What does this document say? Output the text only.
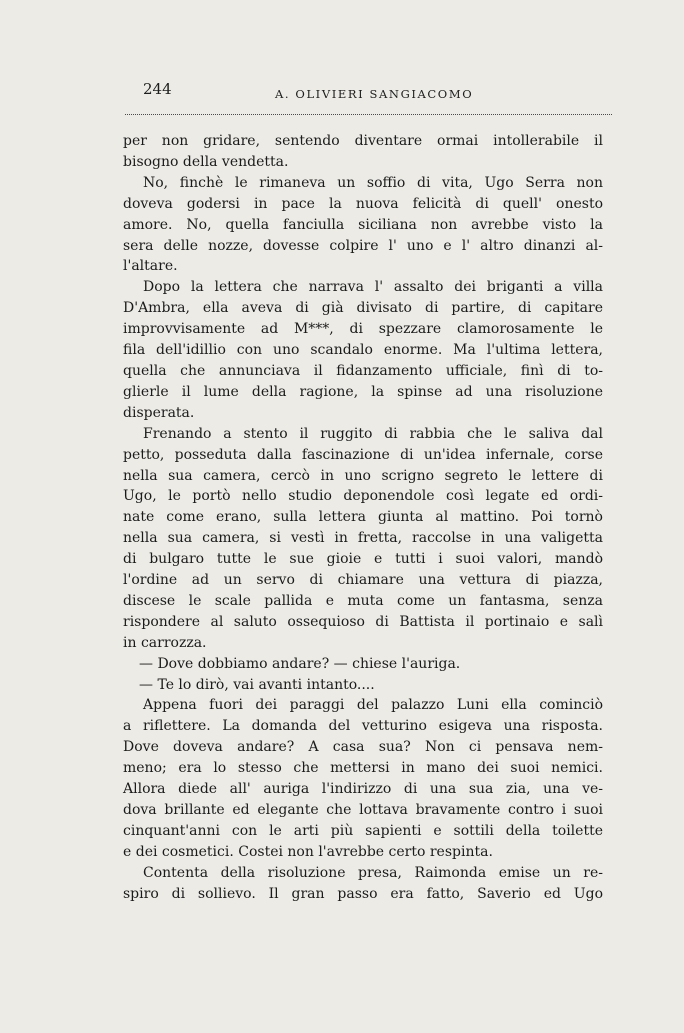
244	A. OLIVIERI SANGIACOMO
per non gridare, sentendo diventare ormai intollerabile il
bisogno della vendetta.
No, finchè le rimaneva un soffio di vita, Ugo Serra non
doveva godersi in pace la nuova felicità di quell' onesto
amore. No, quella fanciulla siciliana non avrebbe visto la
sera delle nozze, dovesse colpire l' uno e l' altro dinanzi al-
l'altare.
Dopo la lettera che narrava l' assalto dei briganti a villa
D'Ambra, ella aveva di già divisato di partire, di capitare
improvvisamente ad M***, di spezzare clamorosamente le
fila dell'idillio con uno scandalo enorme. Ma l'ultima lettera,
quella che annunciava il fidanzamento ufficiale, finì di to-
glierle il lume della ragione, la spinse ad una risoluzione
disperata.
Frenando a stento il ruggito di rabbia che le saliva dal
petto, posseduta dalla fascinazione di un'idea infernale, corse
nella sua camera, cercò in uno scrigno segreto le lettere di
Ugo, le portò nello studio deponendole così legate ed ordi-
nate come erano, sulla lettera giunta al mattino. Poi tornò
nella sua camera, si vestì in fretta, raccolse in una valigetta
di bulgaro tutte le sue gioie e tutti i suoi valori, mandò
l'ordine ad un servo di chiamare una vettura di piazza,
discese le scale pallida e muta come un fantasma, senza
rispondere al saluto ossequioso di Battista il portinaio e salì
in carrozza.
— Dove dobbiamo andare? — chiese l'auriga.
— Te lo dirò, vai avanti intanto....
Appena fuori dei paraggi del palazzo Luni ella cominciò
a riflettere. La domanda del vetturino esigeva una risposta.
Dove doveva andare? A casa sua? Non ci pensava nem-
meno; era lo stesso che mettersi in mano dei suoi nemici.
Allora diede all' auriga l'indirizzo di una sua zia, una ve-
dova brillante ed elegante che lottava bravamente contro i suoi
cinquant'anni con le arti più sapienti e sottili della toilette
e dei cosmetici. Costei non l'avrebbe certo respinta.
Contenta della risoluzione presa, Raimonda emise un re-
spiro di sollievo. Il gran passo era fatto, Saverio ed Ugo
